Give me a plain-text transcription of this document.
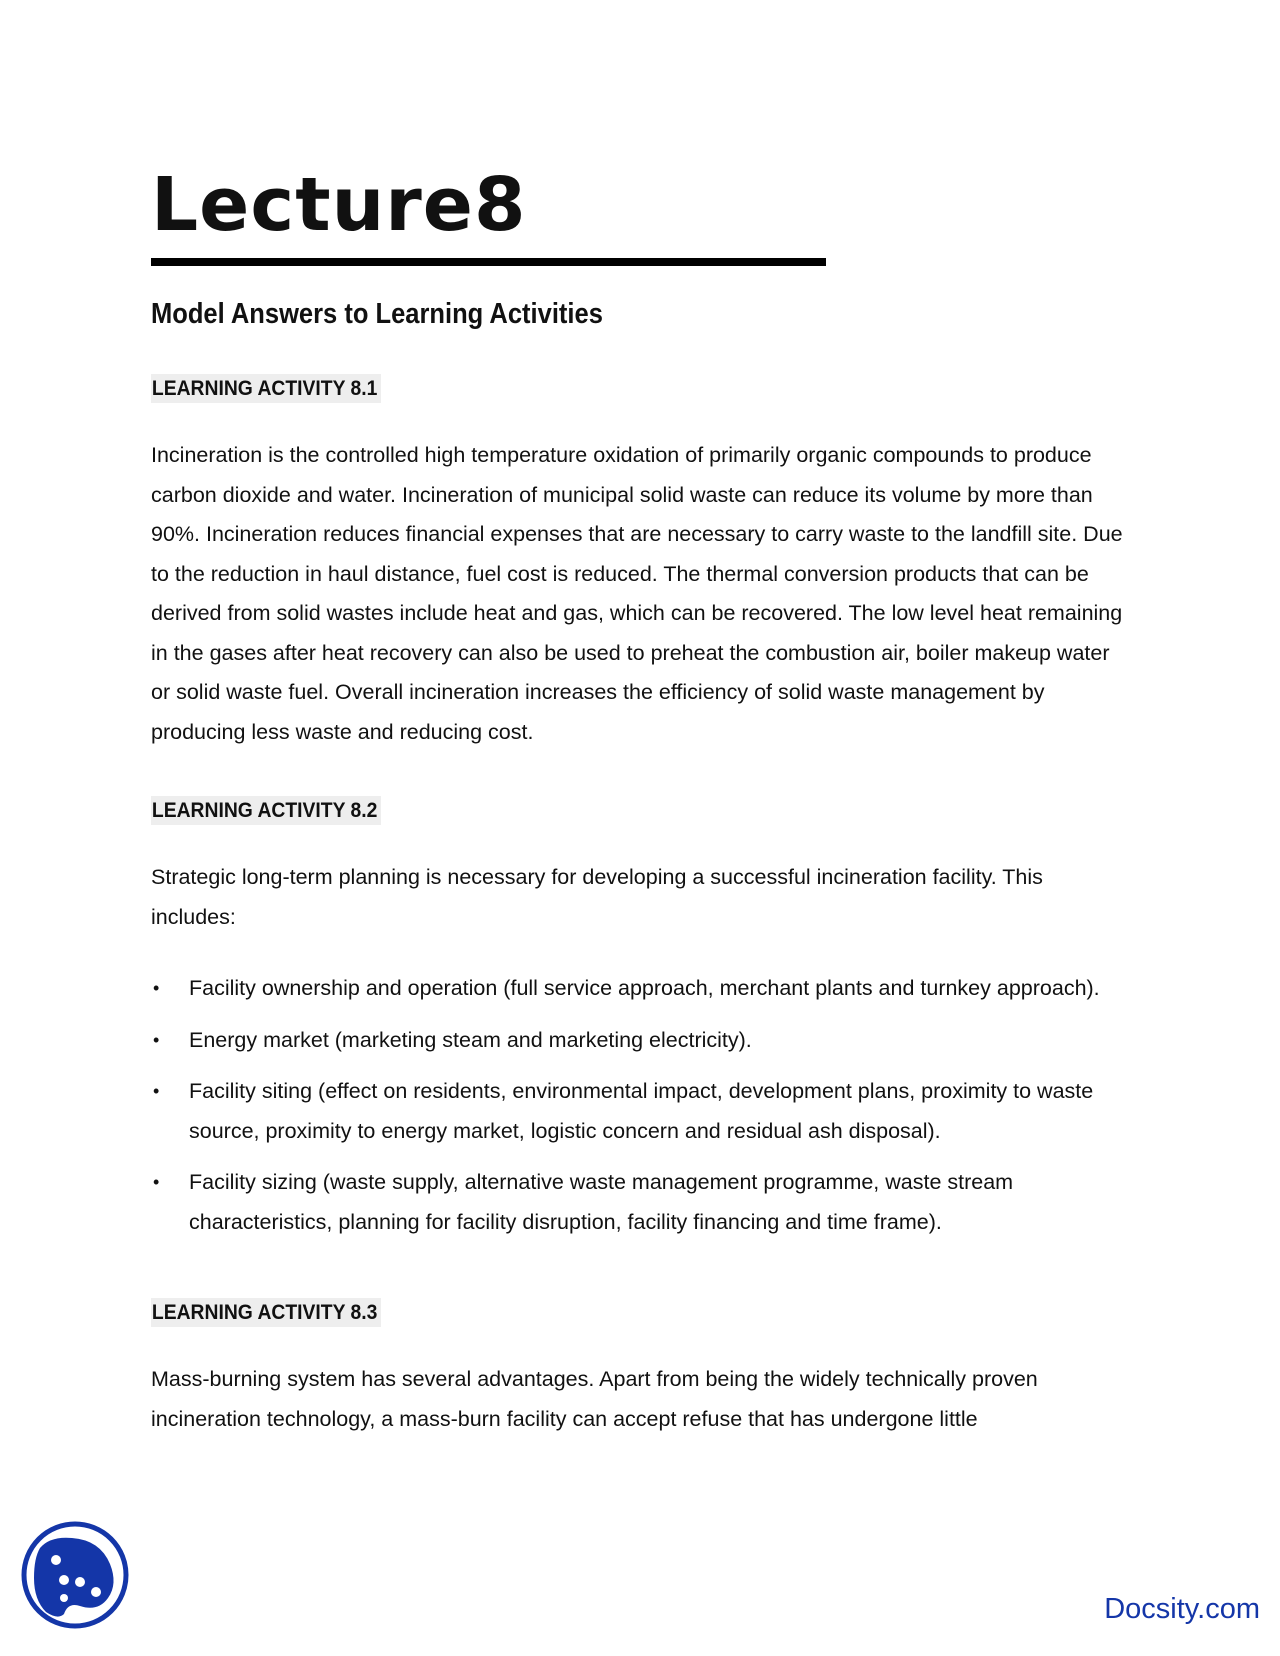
Lecture8
Model Answers to Learning Activities
LEARNING ACTIVITY 8.1

Incineration is the controlled high temperature oxidation of primarily organic compounds to produce carbon dioxide and water. Incineration of municipal solid waste can reduce its volume by more than 90%. Incineration reduces financial expenses that are necessary to carry waste to the landfill site. Due to the reduction in haul distance, fuel cost is reduced. The thermal conversion products that can be derived from solid wastes include heat and gas, which can be recovered. The low level heat remaining in the gases after heat recovery can also be used to preheat the combustion air, boiler makeup water or solid waste fuel. Overall incineration increases the efficiency of solid waste management by producing less waste and reducing cost.

LEARNING ACTIVITY 8.2

Strategic long-term planning is necessary for developing a successful incineration facility. This includes:

• Facility ownership and operation (full service approach, merchant plants and turnkey approach).
• Energy market (marketing steam and marketing electricity).
• Facility siting (effect on residents, environmental impact, development plans, proximity to waste source, proximity to energy market, logistic concern and residual ash disposal).
• Facility sizing (waste supply, alternative waste management programme, waste stream characteristics, planning for facility disruption, facility financing and time frame).
LEARNING ACTIVITY 8.3

Mass-burning system has several advantages. Apart from being the widely technically proven incineration technology, a mass-burn facility can accept refuse that has undergone little

Docsity.com
